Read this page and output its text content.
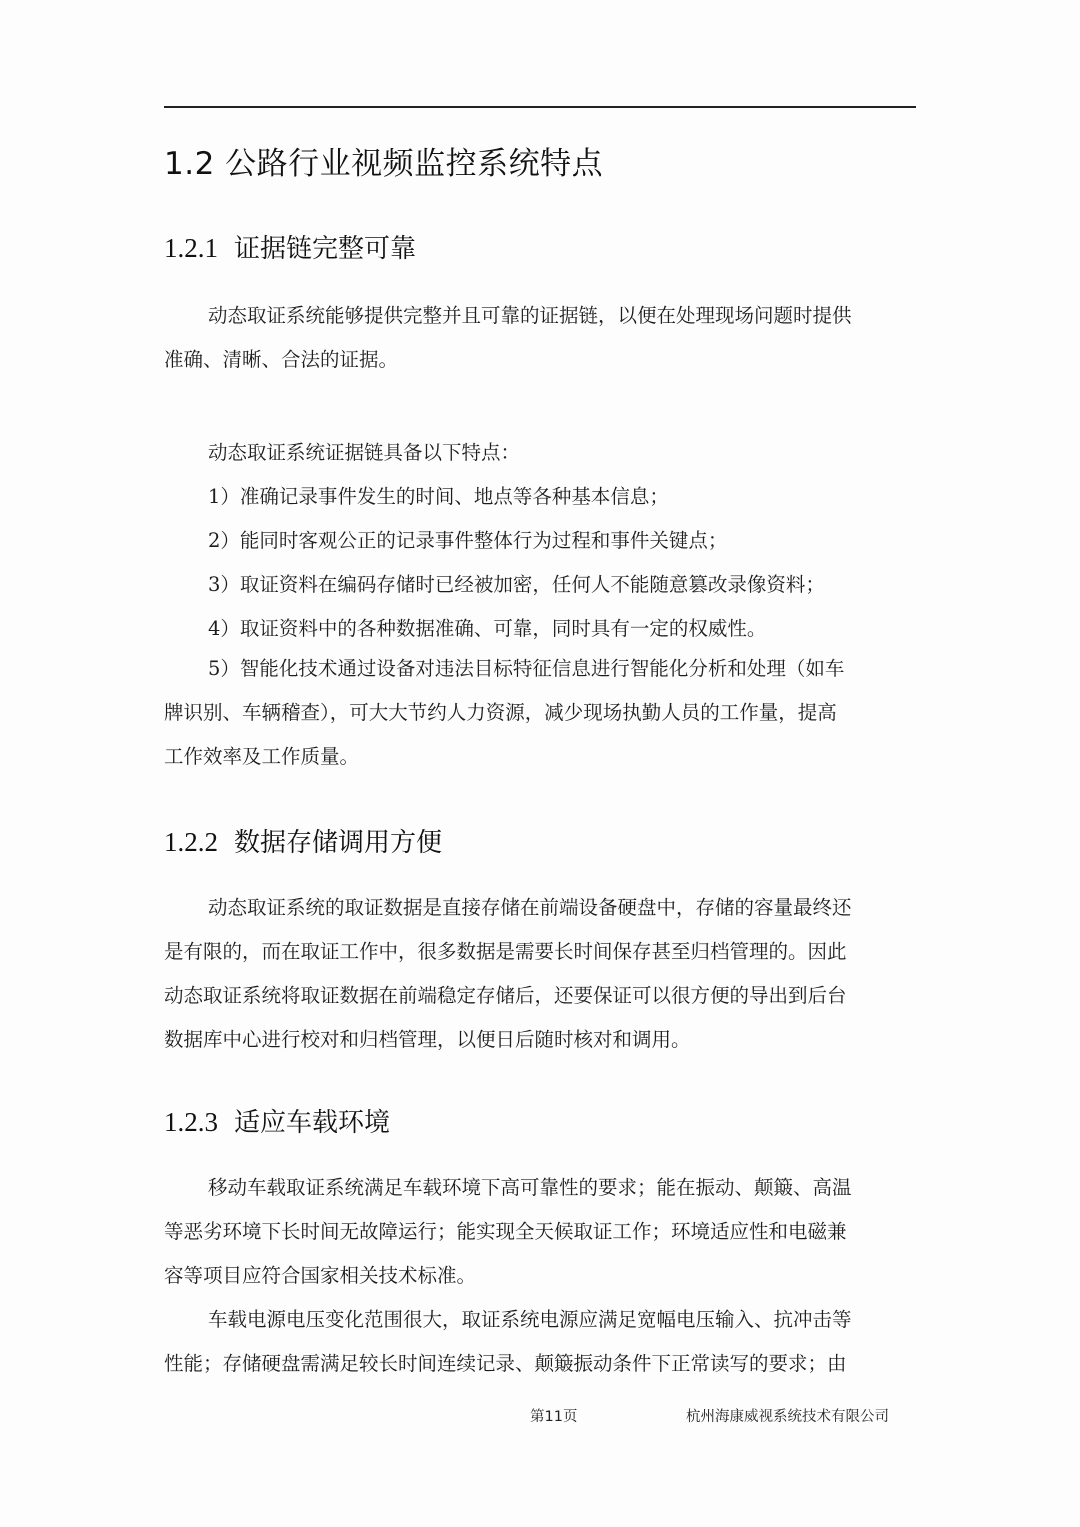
1.2 公路行业视频监控系统特点
1.2.1 证据链完整可靠
动态取证系统能够提供完整并且可靠的证据链，以便在处理现场问题时提供
准确、清晰、合法的证据。
动态取证系统证据链具备以下特点：
1）准确记录事件发生的时间、地点等各种基本信息；
2）能同时客观公正的记录事件整体行为过程和事件关键点；
3）取证资料在编码存储时已经被加密，任何人不能随意篡改录像资料；
4）取证资料中的各种数据准确、可靠，同时具有一定的权威性。
5）智能化技术通过设备对违法目标特征信息进行智能化分析和处理（如车
牌识别、车辆稽查），可大大节约人力资源，减少现场执勤人员的工作量，提高
工作效率及工作质量。
1.2.2 数据存储调用方便
动态取证系统的取证数据是直接存储在前端设备硬盘中，存储的容量最终还
是有限的，而在取证工作中，很多数据是需要长时间保存甚至归档管理的。因此
动态取证系统将取证数据在前端稳定存储后，还要保证可以很方便的导出到后台
数据库中心进行校对和归档管理，以便日后随时核对和调用。
1.2.3 适应车载环境
移动车载取证系统满足车载环境下高可靠性的要求；能在振动、颠簸、高温
等恶劣环境下长时间无故障运行；能实现全天候取证工作；环境适应性和电磁兼
容等项目应符合国家相关技术标准。
车载电源电压变化范围很大，取证系统电源应满足宽幅电压输入、抗冲击等
性能；存储硬盘需满足较长时间连续记录、颠簸振动条件下正常读写的要求；由
第11页	杭州海康威视系统技术有限公司
